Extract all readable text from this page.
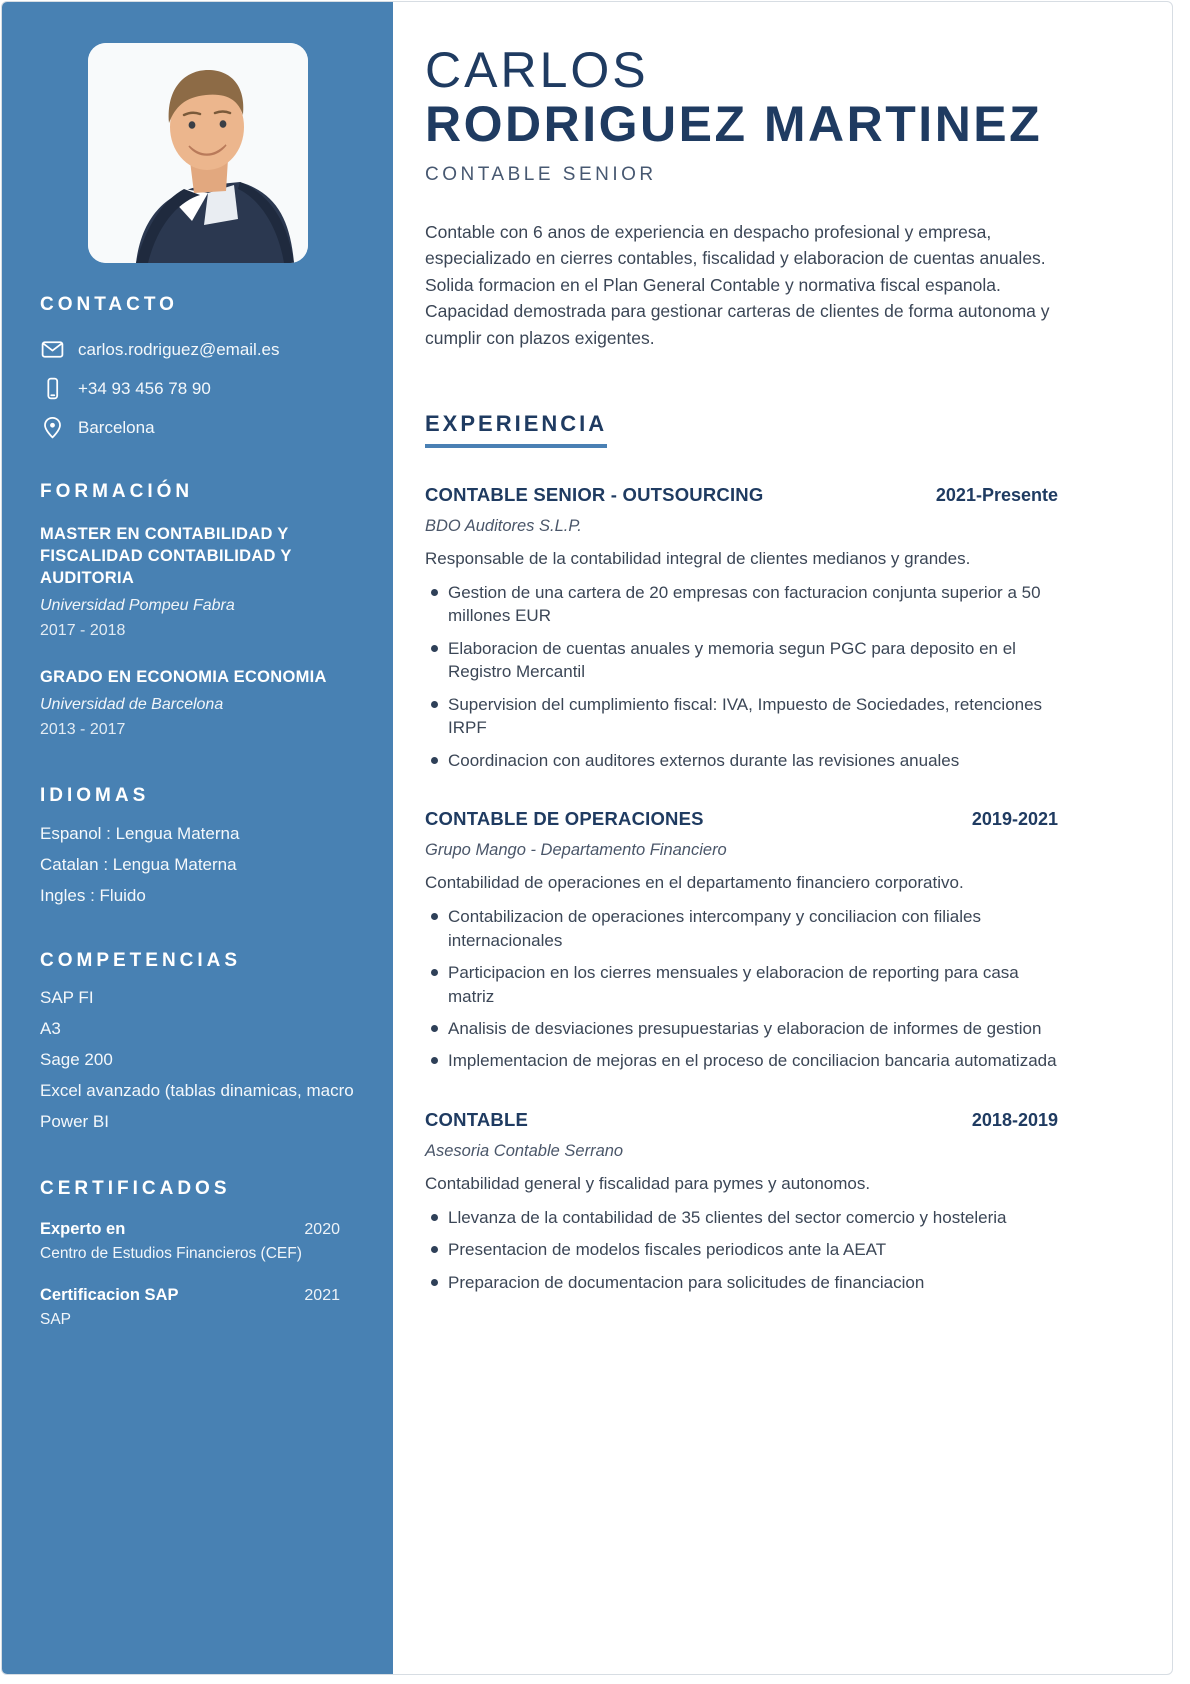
CONTACTO
carlos.rodriguez@email.es
+34 93 456 78 90
Barcelona
FORMACIÓN
MASTER EN CONTABILIDAD Y FISCALIDAD CONTABILIDAD Y AUDITORIA
Universidad Pompeu Fabra
2017 - 2018
GRADO EN ECONOMIA ECONOMIA
Universidad de Barcelona
2013 - 2017
IDIOMAS
Espanol : Lengua Materna
Catalan : Lengua Materna
Ingles : Fluido
COMPETENCIAS
SAP FI
A3
Sage 200
Excel avanzado (tablas dinamicas, macro
Power BI
CERTIFICADOS
Experto en	2020
Centro de Estudios Financieros (CEF)
Certificacion SAP	2021
SAP
CARLOS
RODRIGUEZ MARTINEZ
CONTABLE SENIOR

Contable con 6 anos de experiencia en despacho profesional y empresa, especializado en cierres contables, fiscalidad y elaboracion de cuentas anuales. Solida formacion en el Plan General Contable y normativa fiscal espanola. Capacidad demostrada para gestionar carteras de clientes de forma autonoma y cumplir con plazos exigentes.

EXPERIENCIA
CONTABLE SENIOR - OUTSOURCING	2021-Presente
BDO Auditores S.L.P.
Responsable de la contabilidad integral de clientes medianos y grandes.
Gestion de una cartera de 20 empresas con facturacion conjunta superior a 50 millones EUR
Elaboracion de cuentas anuales y memoria segun PGC para deposito en el Registro Mercantil
Supervision del cumplimiento fiscal: IVA, Impuesto de Sociedades, retenciones IRPF
Coordinacion con auditores externos durante las revisiones anuales
CONTABLE DE OPERACIONES	2019-2021
Grupo Mango - Departamento Financiero
Contabilidad de operaciones en el departamento financiero corporativo.
Contabilizacion de operaciones intercompany y conciliacion con filiales internacionales
Participacion en los cierres mensuales y elaboracion de reporting para casa matriz
Analisis de desviaciones presupuestarias y elaboracion de informes de gestion
Implementacion de mejoras en el proceso de conciliacion bancaria automatizada
CONTABLE	2018-2019
Asesoria Contable Serrano
Contabilidad general y fiscalidad para pymes y autonomos.
Llevanza de la contabilidad de 35 clientes del sector comercio y hosteleria
Presentacion de modelos fiscales periodicos ante la AEAT
Preparacion de documentacion para solicitudes de financiacion
